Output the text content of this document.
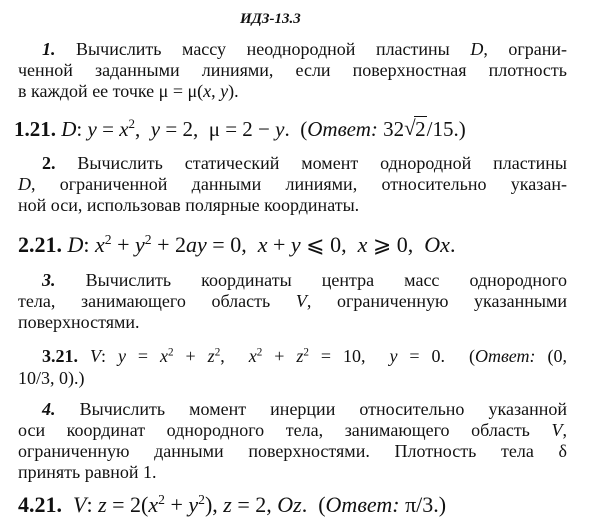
ИДЗ-13.3
1. Вычислить массу неоднородной пластины D, ограни-
ченной заданными линиями, если поверхностная плотность
в каждой ее точке μ = μ(x, y).
1.21. D: $y = x^2$,  y = 2,  μ = 2 − y.  (Ответ: 32 √ 2/15.)
2. Вычислить статический момент однородной пластины
D, ограниченной данными линиями, относительно указан-
ной оси, использовав полярные координаты.
2.21. D: $x^2 + y^2 + 2ay = 0$,  x + y ⩽ 0,  x ⩾ 0,  Ox.
3. Вычислить координаты центра масс однородного
тела, занимающего область V, ограниченную указанными
поверхностями.
3.21. V: $y = x^2 + z^2$,  $x^2 + z^2 = 10$,  y = 0.  (Ответ: (0,
10/3, 0).)
4. Вычислить момент инерции относительно указанной
оси координат однородного тела, занимающего область V,
ограниченную данными поверхностями. Плотность тела δ
принять равной 1.
4.21. V: $z = 2(x^2 + y^2)$, z = 2, Oz.  (Ответ: π/3.)
